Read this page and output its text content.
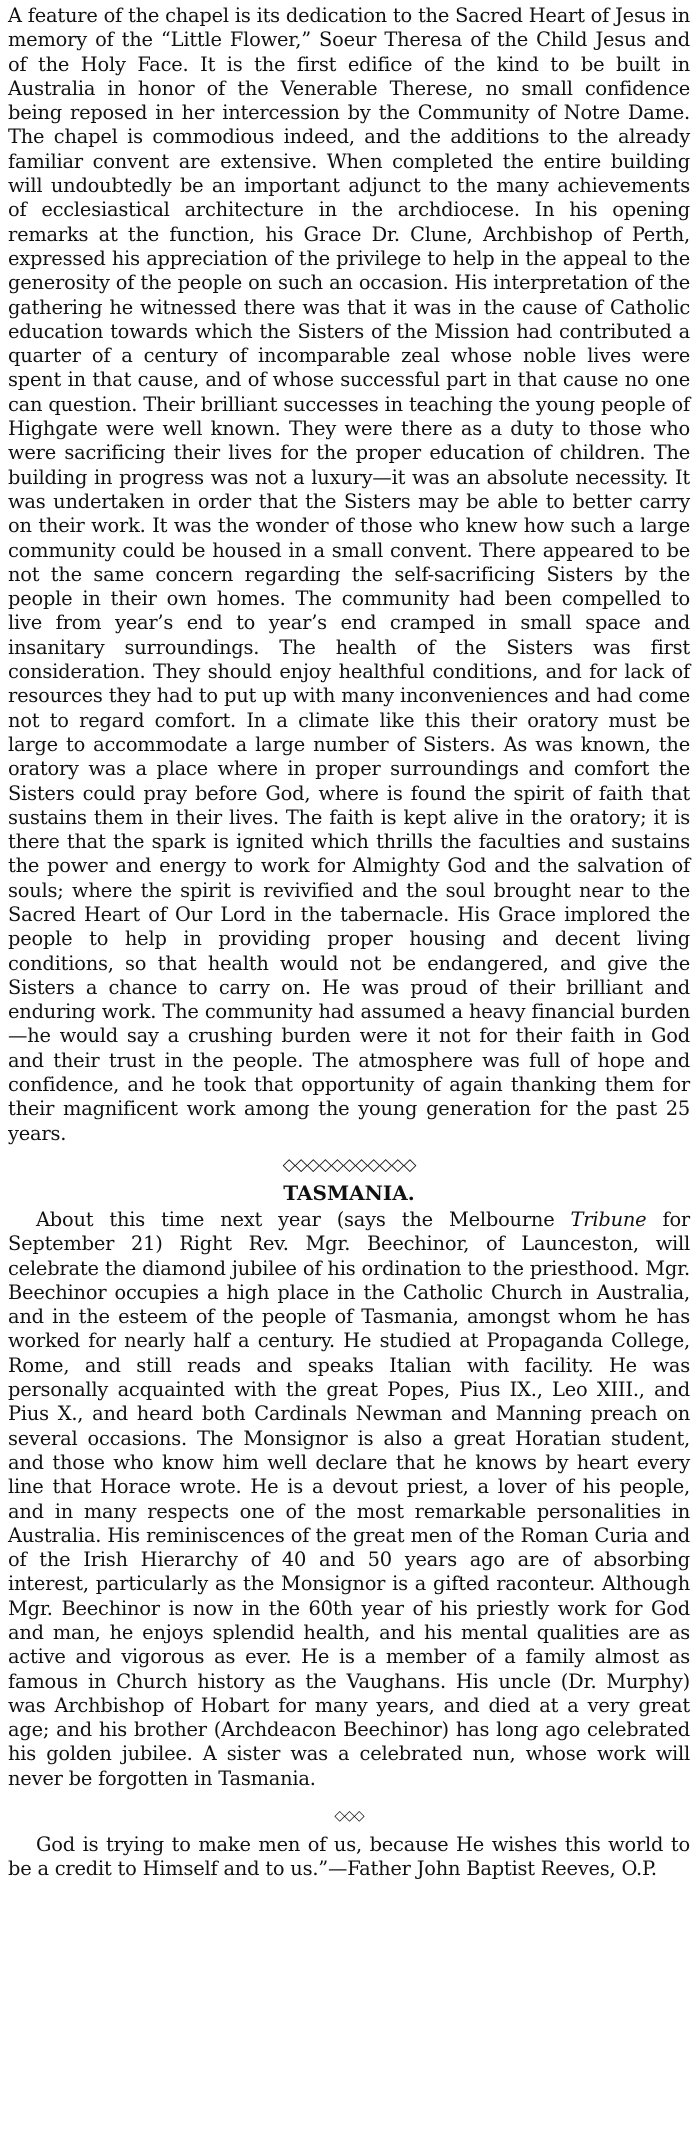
A feature of the chapel is its dedication to the Sacred Heart of Jesus in memory of the “Little Flower,” Soeur Theresa of the Child Jesus and of the Holy Face. It is the first edifice of the kind to be built in Australia in honor of the Venerable Therese, no small confidence being reposed in her intercession by the Community of Notre Dame. The chapel is commodious indeed, and the additions to the already familiar convent are extensive. When completed the entire building will undoubtedly be an important adjunct to the many achievements of ecclesiastical architecture in the archdiocese. In his opening remarks at the function, his Grace Dr. Clune, Archbishop of Perth, expressed his appreciation of the privilege to help in the appeal to the generosity of the people on such an occasion. His interpretation of the gathering he witnessed there was that it was in the cause of Catholic education towards which the Sisters of the Mission had contributed a quarter of a century of incomparable zeal whose noble lives were spent in that cause, and of whose successful part in that cause no one can question. Their brilliant successes in teaching the young people of Highgate were well known. They were there as a duty to those who were sacrificing their lives for the proper education of children. The building in progress was not a luxury—it was an absolute necessity. It was undertaken in order that the Sisters may be able to better carry on their work. It was the wonder of those who knew how such a large community could be housed in a small convent. There appeared to be not the same concern regarding the self-sacrificing Sisters by the people in their own homes. The community had been compelled to live from year’s end to year’s end cramped in small space and insanitary surroundings. The health of the Sisters was first consideration. They should enjoy healthful conditions, and for lack of resources they had to put up with many inconveniences and had come not to regard comfort. In a climate like this their oratory must be large to accommodate a large number of Sisters. As was known, the oratory was a place where in proper surroundings and comfort the Sisters could pray before God, where is found the spirit of faith that sustains them in their lives. The faith is kept alive in the oratory; it is there that the spark is ignited which thrills the faculties and sustains the power and energy to work for Almighty God and the salvation of souls; where the spirit is revivified and the soul brought near to the Sacred Heart of Our Lord in the tabernacle. His Grace implored the people to help in providing proper housing and decent living conditions, so that health would not be endangered, and give the Sisters a chance to carry on. He was proud of their brilliant and enduring work. The community had assumed a heavy financial burden—he would say a crushing burden were it not for their faith in God and their trust in the people. The atmosphere was full of hope and confidence, and he took that opportunity of again thanking them for their magnificent work among the young generation for the past 25 years.

◇◇◇◇◇◇◇◇◇◇◇
TASMANIA.

About this time next year (says the Melbourne Tribune for September 21) Right Rev. Mgr. Beechinor, of Launceston, will celebrate the diamond jubilee of his ordination to the priesthood. Mgr. Beechinor occupies a high place in the Catholic Church in Australia, and in the esteem of the people of Tasmania, amongst whom he has worked for nearly half a century. He studied at Propaganda College, Rome, and still reads and speaks Italian with facility. He was personally acquainted with the great Popes, Pius IX., Leo XIII., and Pius X., and heard both Cardinals Newman and Manning preach on several occasions. The Monsignor is also a great Horatian student, and those who know him well declare that he knows by heart every line that Horace wrote. He is a devout priest, a lover of his people, and in many respects one of the most remarkable personalities in Australia. His reminiscences of the great men of the Roman Curia and of the Irish Hierarchy of 40 and 50 years ago are of absorbing interest, particularly as the Monsignor is a gifted raconteur. Although Mgr. Beechinor is now in the 60th year of his priestly work for God and man, he enjoys splendid health, and his mental qualities are as active and vigorous as ever. He is a member of a family almost as famous in Church history as the Vaughans. His uncle (Dr. Murphy) was Archbishop of Hobart for many years, and died at a very great age; and his brother (Archdeacon Beechinor) has long ago celebrated his golden jubilee. A sister was a celebrated nun, whose work will never be forgotten in Tasmania.

◇◇◇

God is trying to make men of us, because He wishes this world to be a credit to Himself and to us.”—Father John Baptist Reeves, O.P.
